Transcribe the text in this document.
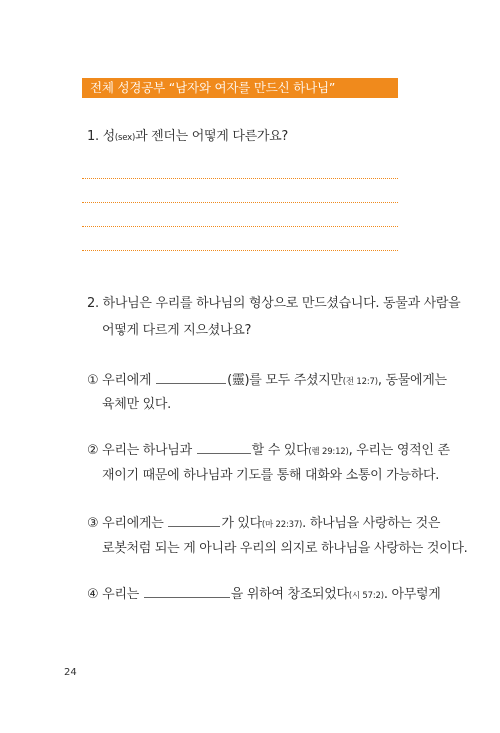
전체 성경공부 “남자와 여자를 만드신 하나님”
1. 성(sex)과 젠더는 어떻게 다른가요?
2. 하나님은 우리를 하나님의 형상으로 만드셨습니다. 동물과 사람을
어떻게 다르게 지으셨나요?
① 우리에게	(靈)를 모두 주셨지만(전 12:7), 동물에게는
육체만 있다.
② 우리는 하나님과	할 수 있다(렘 29:12), 우리는 영적인 존
재이기 때문에 하나님과 기도를 통해 대화와 소통이 가능하다.
③ 우리에게는	가 있다(마 22:37). 하나님을 사랑하는 것은
로봇처럼 되는 게 아니라 우리의 의지로 하나님을 사랑하는 것이다.
④ 우리는	을 위하여 창조되었다(시 57:2). 아무렇게
24
